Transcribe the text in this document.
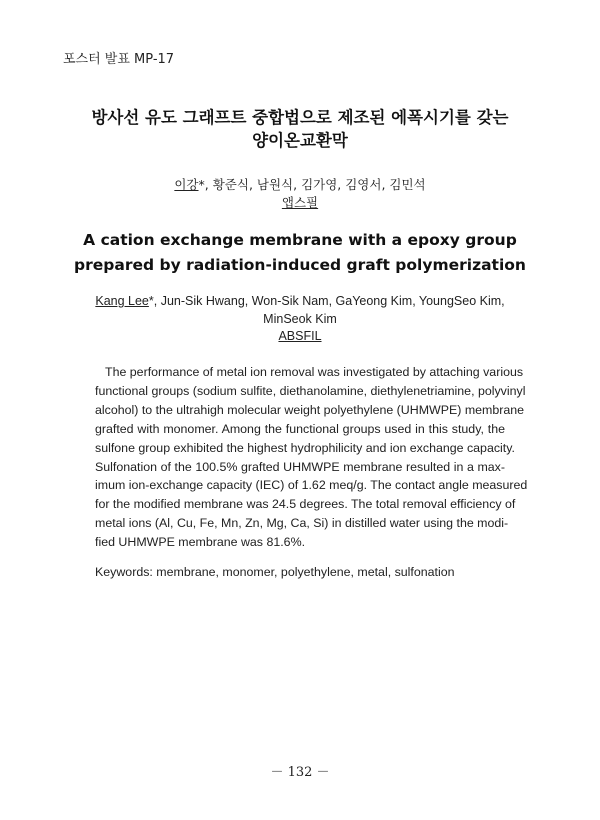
포스터 발표 MP-17
방사선 유도 그래프트 중합법으로 제조된 에폭시기를 갖는
양이온교환막
이강*, 황준식, 남원식, 김가영, 김영서, 김민석
앱스필
A cation exchange membrane with a epoxy group
prepared by radiation-induced graft polymerization
Kang Lee*, Jun-Sik Hwang, Won-Sik Nam, GaYeong Kim, YoungSeo Kim,
MinSeok Kim
ABSFIL
The performance of metal ion removal was investigated by attaching various
functional groups (sodium sulfite, diethanolamine, diethylenetriamine, polyvinyl
alcohol) to the ultrahigh molecular weight polyethylene (UHMWPE) membrane
grafted with monomer. Among the functional groups used in this study, the
sulfone group exhibited the highest hydrophilicity and ion exchange capacity.
Sulfonation of the 100.5% grafted UHMWPE membrane resulted in a max-
imum ion-exchange capacity (IEC) of 1.62 meq/g. The contact angle measured
for the modified membrane was 24.5 degrees. The total removal efficiency of
metal ions (Al, Cu, Fe, Mn, Zn, Mg, Ca, Si) in distilled water using the modi-
fied UHMWPE membrane was 81.6%.
Keywords: membrane, monomer, polyethylene, metal, sulfonation
－ 132 －
